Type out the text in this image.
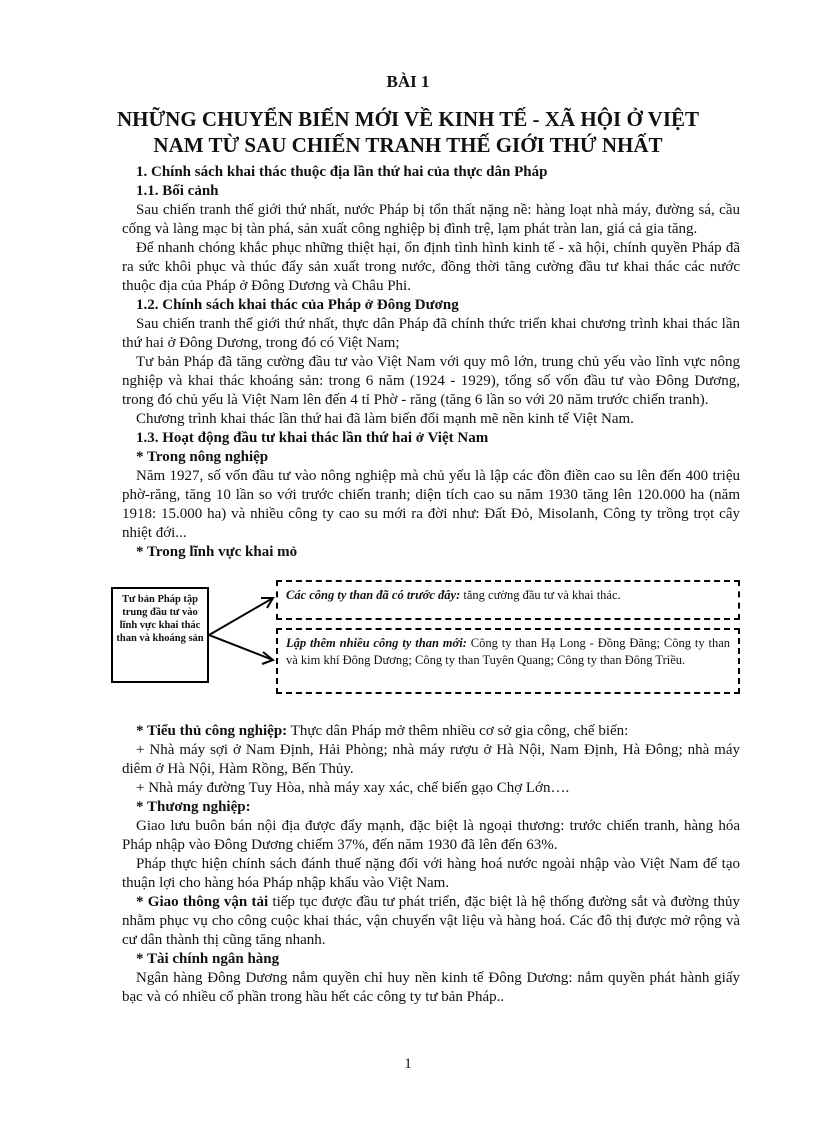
BÀI 1
NHỮNG CHUYỂN BIẾN MỚI VỀ KINH TẾ - XÃ HỘI Ở VIỆT NAM TỪ SAU CHIẾN TRANH THẾ GIỚI THỨ NHẤT

1. Chính sách khai thác thuộc địa lần thứ hai của thực dân Pháp

1.1. Bối cảnh

Sau chiến tranh thế giới thứ nhất, nước Pháp bị tổn thất nặng nề: hàng loạt nhà máy, đường sá, cầu cống và làng mạc bị tàn phá, sản xuất công nghiệp bị đình trệ, lạm phát tràn lan, giá cả gia tăng.

Để nhanh chóng khắc phục những thiệt hại, ổn định tình hình kinh tế - xã hội, chính quyền Pháp đã ra sức khôi phục và thúc đẩy sản xuất trong nước, đồng thời tăng cường đầu tư khai thác các nước thuộc địa của Pháp ở Đông Dương và Châu Phi.

1.2. Chính sách khai thác của Pháp ở Đông Dương

Sau chiến tranh thế giới thứ nhất, thực dân Pháp đã chính thức triển khai chương trình khai thác lần thứ hai ở Đông Dương, trong đó có Việt Nam;

Tư bản Pháp đã tăng cường đầu tư vào Việt Nam với quy mô lớn, trung chủ yếu vào lĩnh vực nông nghiệp và khai thác khoáng sản: trong 6 năm (1924 - 1929), tổng số vốn đầu tư vào Đông Dương, trong đó chủ yếu là Việt Nam lên đến 4 tỉ Phờ - răng (tăng 6 lần so với 20 năm trước chiến tranh).

Chương trình khai thác lần thứ hai đã làm biến đổi mạnh mẽ nền kinh tế Việt Nam.

1.3. Hoạt động đầu tư khai thác lần thứ hai ở Việt Nam

* Trong nông nghiệp

Năm 1927, số vốn đầu tư vào nông nghiệp mà chủ yếu là lập các đồn điền cao su lên đến 400 triệu phờ-răng, tăng 10 lần so với trước chiến tranh; diện tích cao su năm 1930 tăng lên 120.000 ha (năm 1918: 15.000 ha) và nhiều công ty cao su mới ra đời như: Đất Đỏ, Misolanh, Công ty trồng trọt cây nhiệt đới...

* Trong lĩnh vực khai mỏ

Tư bản Pháp tập trung đầu tư vào lĩnh vực khai thác than và khoáng sản
Các công ty than đã có trước đây: tăng cường đầu tư và khai thác.
Lập thêm nhiều công ty than mới: Công ty than Hạ Long - Đồng Đăng; Công ty than và kim khí Đông Dương; Công ty than Tuyên Quang; Công ty than Đông Triều.

* Tiểu thủ công nghiệp: Thực dân Pháp mở thêm nhiều cơ sở gia công, chế biến:

+ Nhà máy sợi ở Nam Định, Hải Phòng; nhà máy rượu ở Hà Nội, Nam Định, Hà Đông; nhà máy diêm ở Hà Nội, Hàm Rồng, Bến Thủy.

+ Nhà máy đường Tuy Hòa, nhà máy xay xác, chế biến gạo Chợ Lớn….

* Thương nghiệp:

Giao lưu buôn bán nội địa được đẩy mạnh, đặc biệt là ngoại thương: trước chiến tranh, hàng hóa Pháp nhập vào Đông Dương chiếm 37%, đến năm 1930 đã lên đến 63%.

Pháp thực hiện chính sách đánh thuế nặng đối với hàng hoá nước ngoài nhập vào Việt Nam để tạo thuận lợi cho hàng hóa Pháp nhập khẩu vào Việt Nam.

* Giao thông vận tải tiếp tục được đầu tư phát triển, đặc biệt là hệ thống đường sắt và đường thủy nhằm phục vụ cho công cuộc khai thác, vận chuyển vật liệu và hàng hoá. Các đô thị được mở rộng và cư dân thành thị cũng tăng nhanh.

* Tài chính ngân hàng

Ngân hàng Đông Dương nắm quyền chỉ huy nền kinh tế Đông Dương: nắm quyền phát hành giấy bạc và có nhiều cổ phần trong hầu hết các công ty tư bản Pháp..

1
